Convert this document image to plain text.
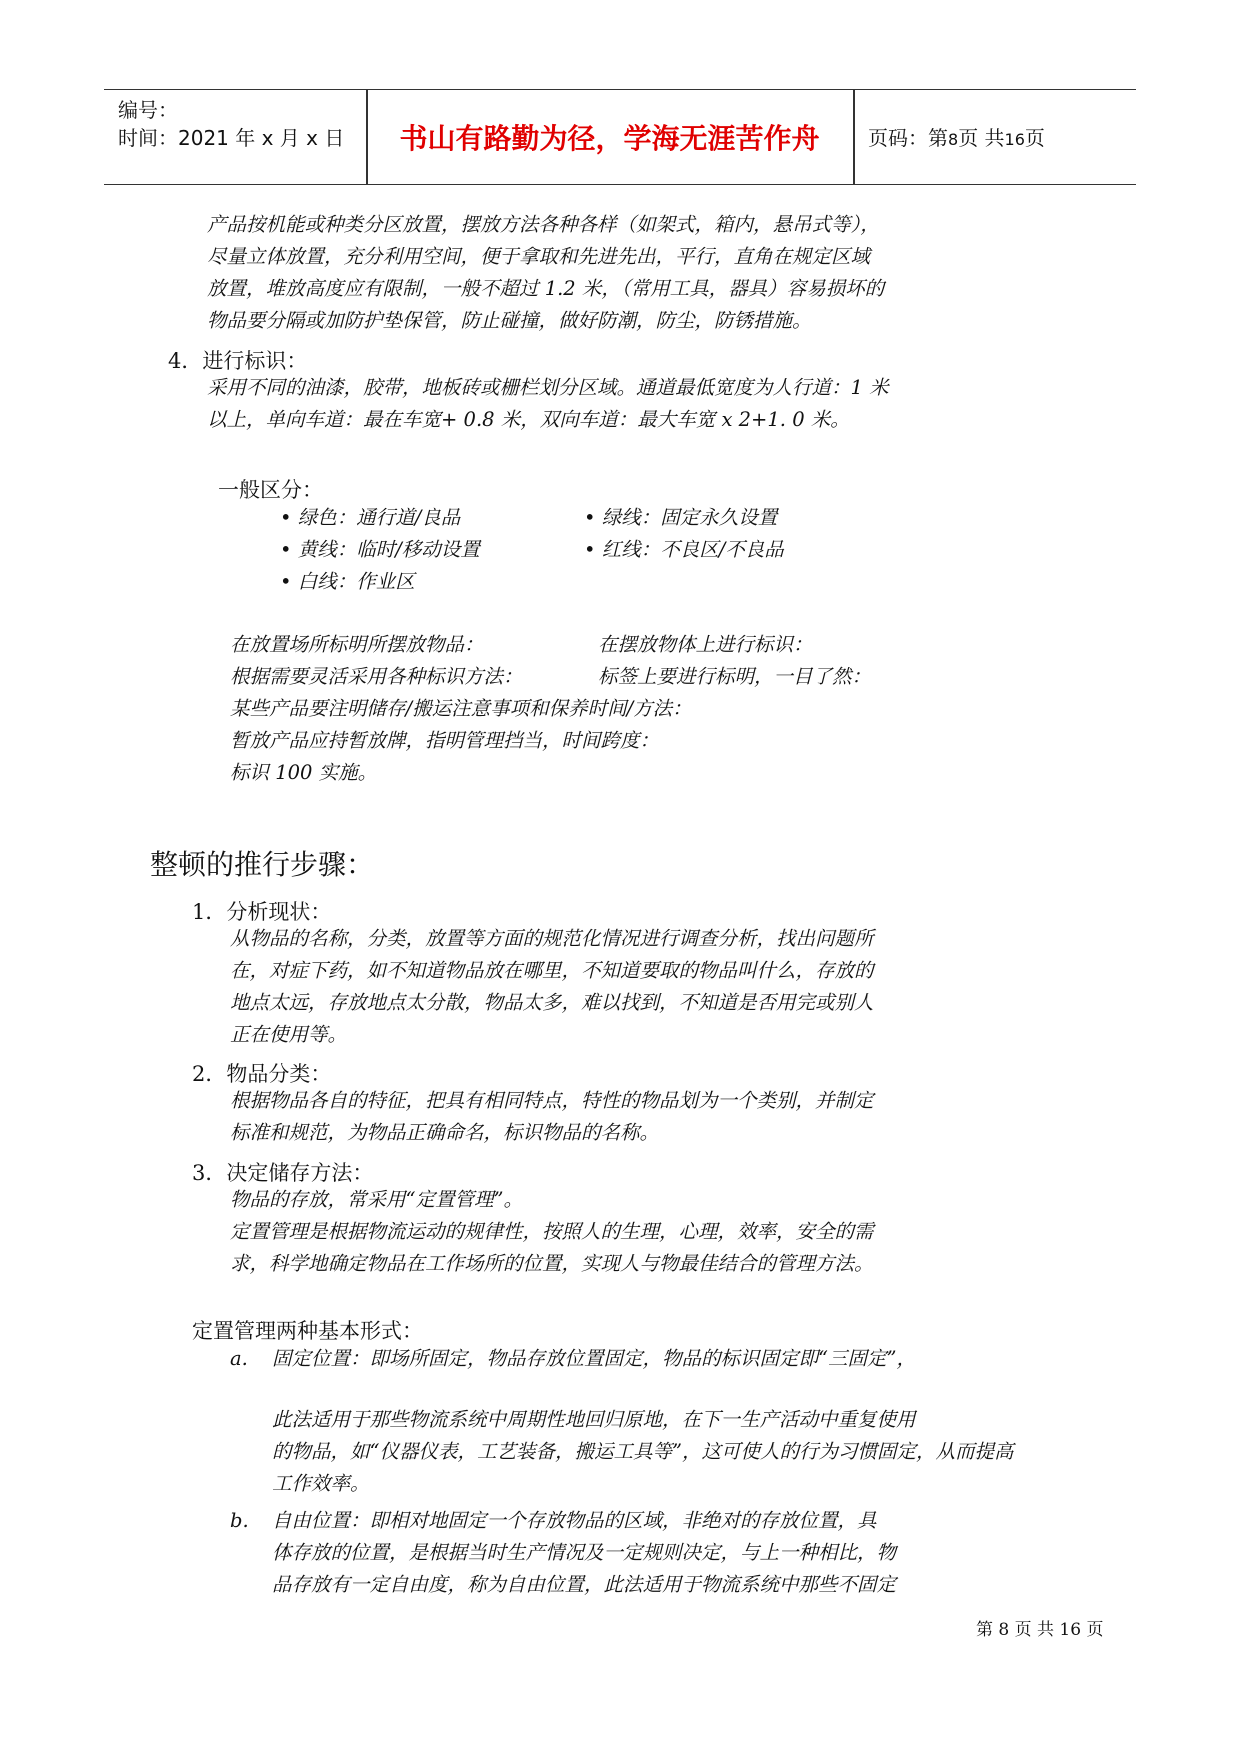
编号：
时间：2021 年 x 月 x 日	书山有路勤为径，学海无涯苦作舟	页码：第8页 共16页
产品按机能或种类分区放置，摆放方法各种各样（如架式，箱内，悬吊式等），
尽量立体放置，充分利用空间，便于拿取和先进先出，平行，直角在规定区域
放置，堆放高度应有限制，一般不超过 1.2 米，（常用工具，器具）容易损坏的
物品要分隔或加防护垫保管，防止碰撞，做好防潮，防尘，防锈措施。
4．进行标识：
采用不同的油漆，胶带，地板砖或栅栏划分区域。通道最低宽度为人行道：1 米
以上，单向车道：最在车宽+ 0.8 米，双向车道：最大车宽 x 2+1. 0 米。
一般区分：
• 绿色：通行道/良品
• 黄线：临时/移动设置
• 白线：作业区
• 绿线：固定永久设置
• 红线：不良区/不良品
在放置场所标明所摆放物品：
根据需要灵活采用各种标识方法：
某些产品要注明储存/搬运注意事项和保养时间/方法：
暂放产品应持暂放牌，指明管理挡当，时间跨度：
标识 100 实施。
在摆放物体上进行标识：
标签上要进行标明，一目了然：
整顿的推行步骤：
1．分析现状：
从物品的名称，分类，放置等方面的规范化情况进行调查分析，找出问题所
在，对症下药，如不知道物品放在哪里，不知道要取的物品叫什么，存放的
地点太远，存放地点太分散，物品太多，难以找到，不知道是否用完或别人
正在使用等。
2．物品分类：
根据物品各自的特征，把具有相同特点，特性的物品划为一个类别，并制定
标准和规范，为物品正确命名，标识物品的名称。
3．决定储存方法：
物品的存放，常采用“定置管理”。
定置管理是根据物流运动的规律性，按照人的生理，心理，效率，安全的需
求，科学地确定物品在工作场所的位置，实现人与物最佳结合的管理方法。
定置管理两种基本形式：
a. 固定位置：即场所固定，物品存放位置固定，物品的标识固定即“三固定”，
此法适用于那些物流系统中周期性地回归原地，在下一生产活动中重复使用
的物品，如“仪器仪表，工艺装备，搬运工具等”，这可使人的行为习惯固定，从而提高
工作效率。
b. 自由位置：即相对地固定一个存放物品的区域，非绝对的存放位置，具
体存放的位置，是根据当时生产情况及一定规则决定，与上一种相比，物
品存放有一定自由度，称为自由位置，此法适用于物流系统中那些不固定
第 8 页 共 16 页
